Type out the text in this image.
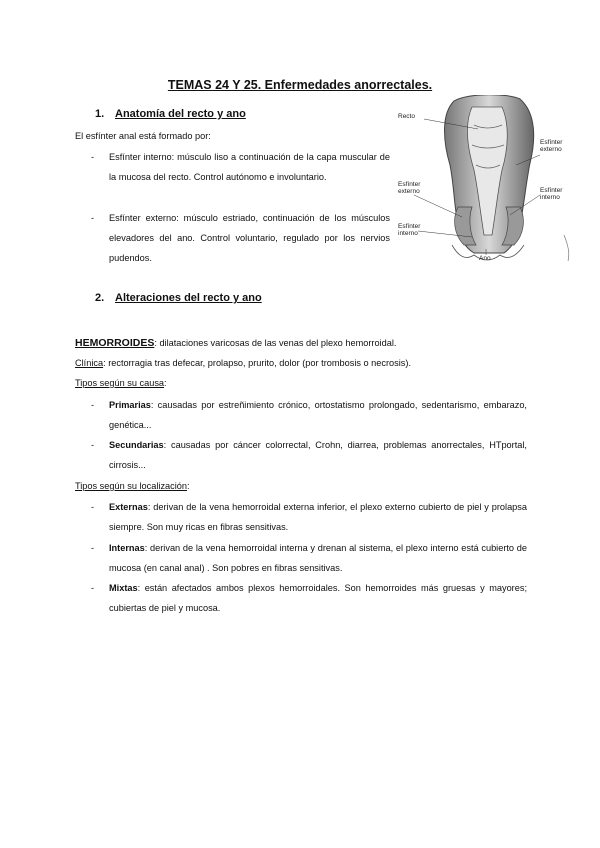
TEMAS 24 Y 25. Enfermedades anorrectales.
1. Anatomía del recto y ano
El esfínter anal está formado por:
- Esfínter interno: músculo liso a continuación de la capa muscular de la mucosa del recto. Control autónomo e involuntario.
- Esfínter externo: músculo estriado, continuación de los músculos elevadores del ano. Control voluntario, regulado por los nervios pudendos.
Recto
Esfínter
externo
Esfínter
externo	Esfínter
interno
Esfínter
interno
Ano
2. Alteraciones del recto y ano
HEMORROIDES: dilataciones varicosas de las venas del plexo hemorroidal.
Clínica: rectorragia tras defecar, prolapso, prurito, dolor (por trombosis o necrosis).
Tipos según su causa:
- Primarias: causadas por estreñimiento crónico, ortostatismo prolongado, sedentarismo, embarazo, genética...
- Secundarias: causadas por cáncer colorrectal, Crohn, diarrea, problemas anorrectales, HTportal, cirrosis...
Tipos según su localización:
- Externas: derivan de la vena hemorroidal externa inferior, el plexo externo cubierto de piel y prolapsa siempre. Son muy ricas en fibras sensitivas.
- Internas: derivan de la vena hemorroidal interna y drenan al sistema, el plexo interno está cubierto de mucosa (en canal anal) . Son pobres en fibras sensitivas.
- Mixtas: están afectados ambos plexos hemorroidales. Son hemorroides más gruesas y mayores; cubiertas de piel y mucosa.
